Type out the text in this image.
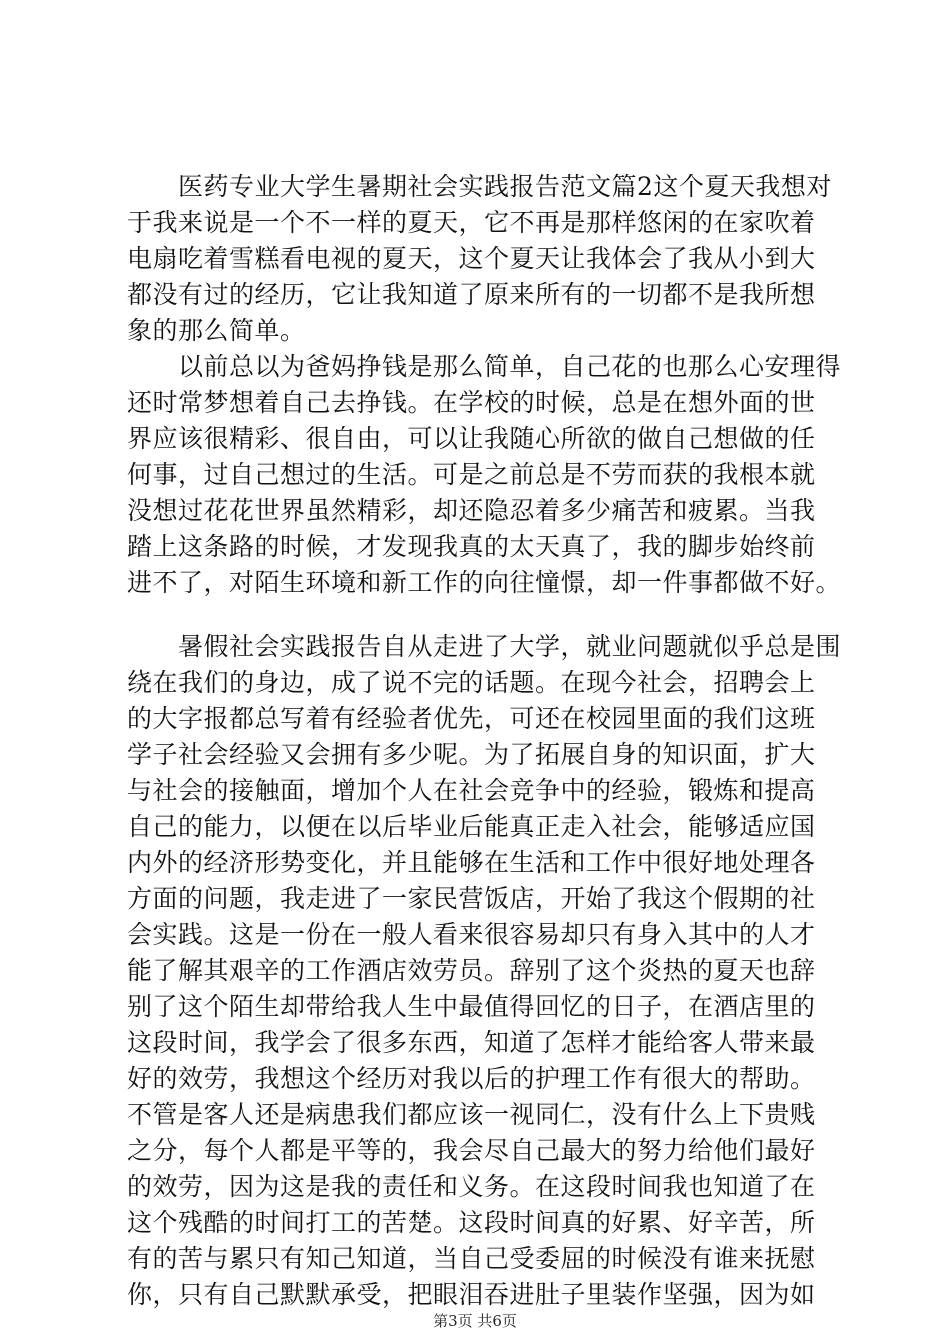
　　医药专业大学生暑期社会实践报告范文篇2这个夏天我想对
于我来说是一个不一样的夏天，它不再是那样悠闲的在家吹着
电扇吃着雪糕看电视的夏天，这个夏天让我体会了我从小到大
都没有过的经历，它让我知道了原来所有的一切都不是我所想
象的那么简单。
　　以前总以为爸妈挣钱是那么简单，自己花的也那么心安理得
还时常梦想着自己去挣钱。在学校的时候，总是在想外面的世
界应该很精彩、很自由，可以让我随心所欲的做自己想做的任
何事，过自己想过的生活。可是之前总是不劳而获的我根本就
没想过花花世界虽然精彩，却还隐忍着多少痛苦和疲累。当我
踏上这条路的时候，才发现我真的太天真了，我的脚步始终前
进不了，对陌生环境和新工作的向往憧憬，却一件事都做不好。
　　暑假社会实践报告自从走进了大学，就业问题就似乎总是围
绕在我们的身边，成了说不完的话题。在现今社会，招聘会上
的大字报都总写着有经验者优先，可还在校园里面的我们这班
学子社会经验又会拥有多少呢。为了拓展自身的知识面，扩大
与社会的接触面，增加个人在社会竞争中的经验，锻炼和提高
自己的能力，以便在以后毕业后能真正走入社会，能够适应国
内外的经济形势变化，并且能够在生活和工作中很好地处理各
方面的问题，我走进了一家民营饭店，开始了我这个假期的社
会实践。这是一份在一般人看来很容易却只有身入其中的人才
能了解其艰辛的工作酒店效劳员。辞别了这个炎热的夏天也辞
别了这个陌生却带给我人生中最值得回忆的日子，在酒店里的
这段时间，我学会了很多东西，知道了怎样才能给客人带来最
好的效劳，我想这个经历对我以后的护理工作有很大的帮助。
不管是客人还是病患我们都应该一视同仁，没有什么上下贵贱
之分，每个人都是平等的，我会尽自己最大的努力给他们最好
的效劳，因为这是我的责任和义务。在这段时间我也知道了在
这个残酷的时间打工的苦楚。这段时间真的好累、好辛苦，所
有的苦与累只有知己知道，当自己受委屈的时候没有谁来抚慰
你，只有自己默默承受，把眼泪吞进肚子里装作坚强，因为如
第3页 共6页
